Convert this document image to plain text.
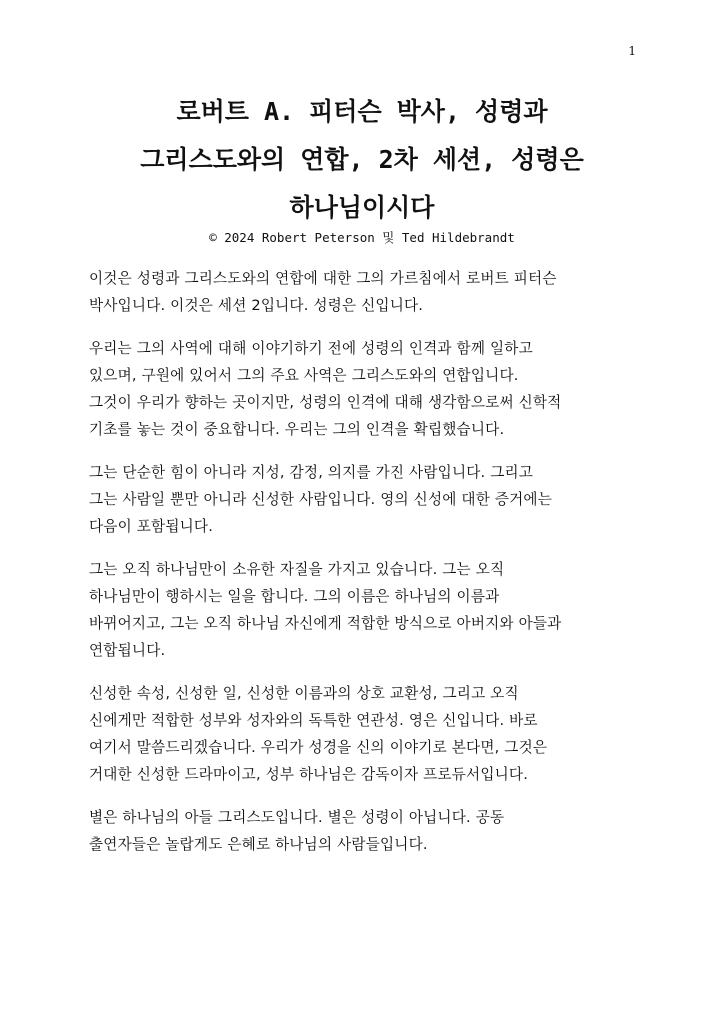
1
로버트 A. 피터슨 박사, 성령과
그리스도와의 연합, 2차 세션, 성령은
하나님이시다
© 2024 Robert Peterson 및 Ted Hildebrandt

이것은 성령과 그리스도와의 연합에 대한 그의 가르침에서 로버트 피터슨
박사입니다. 이것은 세션 2입니다. 성령은 신입니다.

우리는 그의 사역에 대해 이야기하기 전에 성령의 인격과 함께 일하고
있으며, 구원에 있어서 그의 주요 사역은 그리스도와의 연합입니다.
그것이 우리가 향하는 곳이지만, 성령의 인격에 대해 생각함으로써 신학적
기초를 놓는 것이 중요합니다. 우리는 그의 인격을 확립했습니다.

그는 단순한 힘이 아니라 지성, 감정, 의지를 가진 사람입니다. 그리고
그는 사람일 뿐만 아니라 신성한 사람입니다. 영의 신성에 대한 증거에는
다음이 포함됩니다.

그는 오직 하나님만이 소유한 자질을 가지고 있습니다. 그는 오직
하나님만이 행하시는 일을 합니다. 그의 이름은 하나님의 이름과
바뀌어지고, 그는 오직 하나님 자신에게 적합한 방식으로 아버지와 아들과
연합됩니다.

신성한 속성, 신성한 일, 신성한 이름과의 상호 교환성, 그리고 오직
신에게만 적합한 성부와 성자와의 독특한 연관성. 영은 신입니다. 바로
여기서 말씀드리겠습니다. 우리가 성경을 신의 이야기로 본다면, 그것은
거대한 신성한 드라마이고, 성부 하나님은 감독이자 프로듀서입니다.

별은 하나님의 아들 그리스도입니다. 별은 성령이 아닙니다. 공동
출연자들은 놀랍게도 은혜로 하나님의 사람들입니다.
